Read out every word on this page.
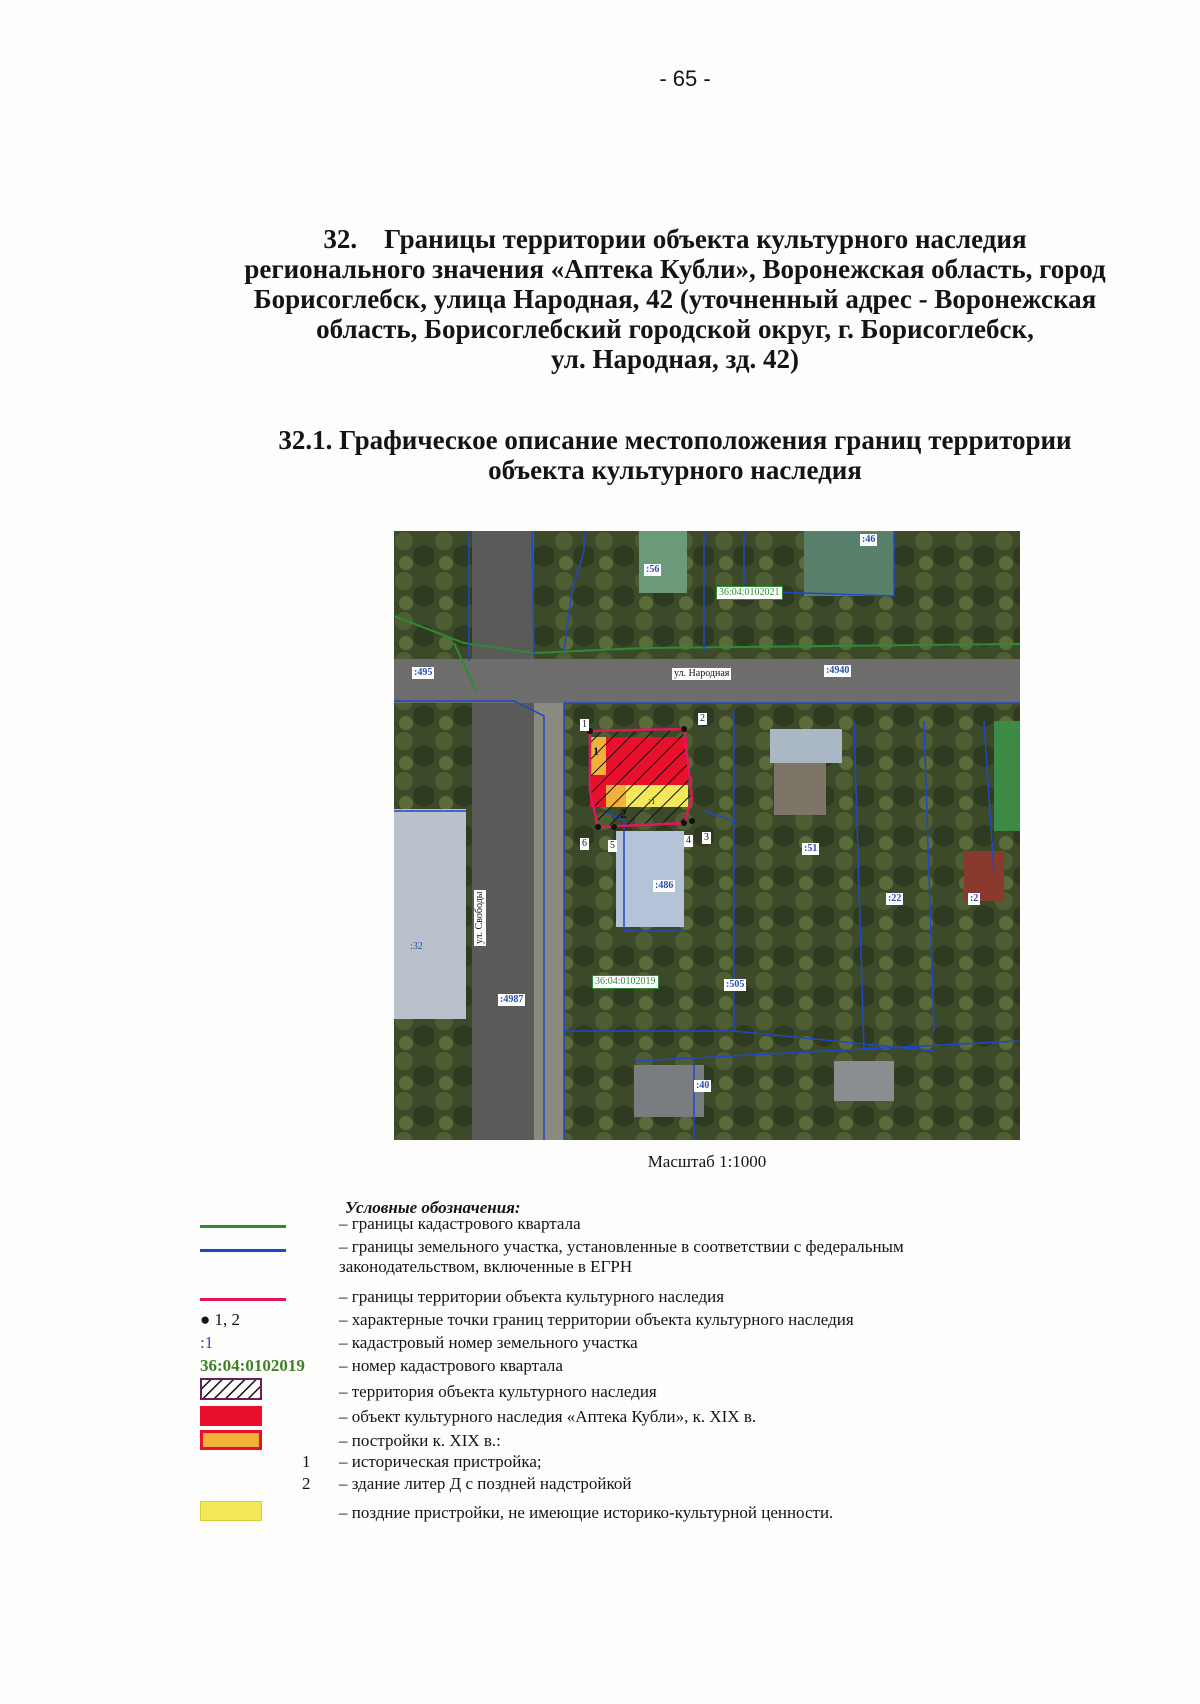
- 65 -
32. Границы территории объекта культурного наследия
регионального значения «Аптека Кубли», Воронежская область, город
Борисоглебск, улица Народная, 42 (уточненный адрес - Воронежская
область, Борисоглебский городской округ, г. Борисоглебск,
ул. Народная, зд. 42)
32.1. Графическое описание местоположения границ территории
объекта культурного наследия
:46
:56
36:04:0102021
:495	ул. Народная	:4940
:1
:51
:486
:22	:2
ул. Свободы
:32
36:04:0102019	:505
:4987
:40
1
2
3
4
5
6
1
2
Масштаб 1:1000
Условные обозначения:
– границы кадастрового квартала
– границы земельного участка, установленные в соответствии с федеральным законодательством, включенные в ЕГРН
– границы территории объекта культурного наследия
● 1, 2	– характерные точки границ территории объекта культурного наследия
:1	– кадастровый номер земельного участка
36:04:0102019 – номер кадастрового квартала
– территория объекта культурного наследия
– объект культурного наследия «Аптека Кубли», к. XIX в.
– постройки к. XIX в.:
1 – историческая пристройка;
2 – здание литер Д с поздней надстройкой
– поздние пристройки, не имеющие историко-культурной ценности.
